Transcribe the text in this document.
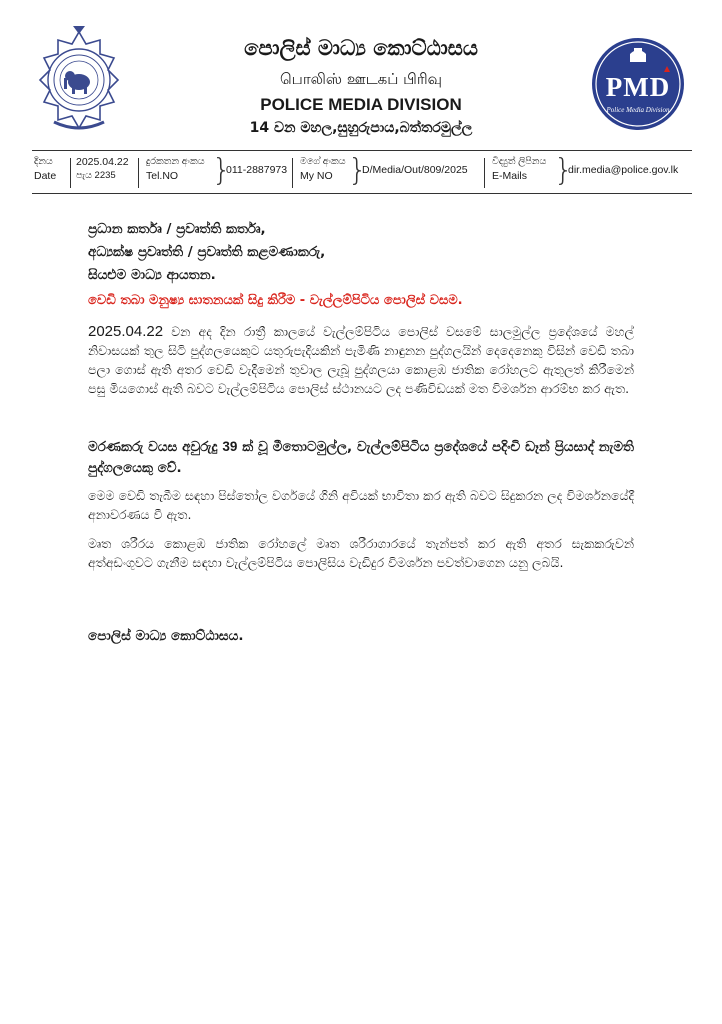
පොලිස් මාධ්‍ය කොට්ඨාසය
பொலிஸ் ஊடகப் பிரிவு
POLICE MEDIA DIVISION
14 වන මහල,සුහුරුපාය,බත්තරමුල්ල
PMD
Police Media Division
දිනය
Date
2025.04.22
පැය 2235
දුරකතන අංකය
Tel.NO	}
011-2887973
මගේ අංකය
My NO }
D/Media/Out/809/2025
විද්‍යුත් ලිපිනය
E-Mails }
dir.media@police.gov.lk
ප්‍රධාන කර්තෘ / ප්‍රවෘත්ති කර්තෘ,
අධ්‍යක්ෂ ප්‍රවෘත්ති / ප්‍රවෘත්ති කළමණාකරු,
සියළුම මාධ්‍ය ආයතන.
වෙඩි තබා මනුෂ්‍ය ඝාතනයක් සිදු කිරීම - වැල්ලම්පිටිය පොලිස් වසම.
2025.04.22 වන අද දින රාත්‍රී කාලයේ වැල්ලම්පිටිය පොලිස් වසමේ සාලමුල්ල ප්‍රදේශයේ මහල් නිවාසයක් තුල සිටි පුද්ගලයෙකුට යතුරුපැදියකින් පැමිණි නාඳුනන පුද්ගලයින් දෙදෙනෙකු විසින් වෙඩි තබා පලා ගොස් ඇති අතර වෙඩි වැදීමෙන් තුවාල ලැබූ පුද්ගලයා කොළඹ ජාතික රෝහලට ඇතුලත් කිරීමෙන් පසු මියගොස් ඇති බවට වැල්ලම්පිටිය පොලිස් ස්ථානයට ලද පණිවිඩයක් මත විමර්ශන ආරම්භ කර ඇත.
මරණකරු වයස අවුරුදු 39 ක් වූ මීතොටමුල්ල, වැල්ලම්පිටිය ප්‍රදේශයේ පදිංචි ඩෑන් ප්‍රියසාද් නැමති පුද්ගලයෙකු වේ.
මෙම වෙඩි තැබීම සඳහා පිස්තෝල වර්ගයේ ගිනි අවියක් භාවිතා කර ඇති බවට සිදුකරන ලද විමර්ශනයේදී අනාවරණය වී ඇත.
මෘත ශරීරය කොළඹ ජාතික රෝහලේ මෘත ශරීරාගාරයේ තැන්පත් කර ඇති අතර සැකකරුවන් අත්අඩංගුවට ගැනීම සඳහා වැල්ලම්පිටිය පොලිසිය වැඩිදුර විමර්ශන පවත්වාගෙන යනු ලබයි.
පොලිස් මාධ්‍ය කොට්ඨාසය.
